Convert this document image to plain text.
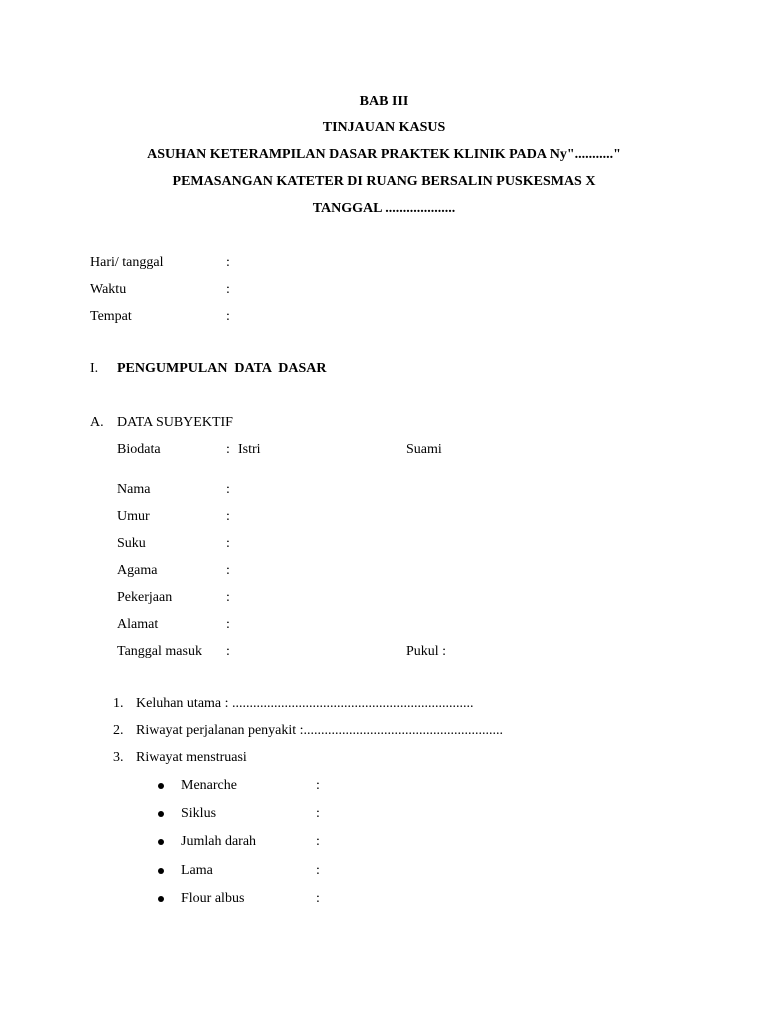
BAB III
TINJAUAN KASUS
ASUHAN KETERAMPILAN DASAR PRAKTEK KLINIK PADA Ny"..........."
PEMASANGAN KATETER DI RUANG BERSALIN PUSKESMAS X
TANGGAL ....................
Hari/ tanggal	:
Waktu	:
Tempat	:
I. PENGUMPULAN  DATA  DASAR
A. DATA SUBYEKTIF
Biodata	: Istri	Suami
Nama	:
Umur	:
Suku	:
Agama	:
Pekerjaan	:
Alamat	:
Tanggal masuk :	Pukul :
1. Keluhan utama : .....................................................................
2. Riwayat perjalanan penyakit :.........................................................
3. Riwayat menstruasi
Menarche	:
Siklus	:
Jumlah darah	:
Lama	:
Flour albus	:
